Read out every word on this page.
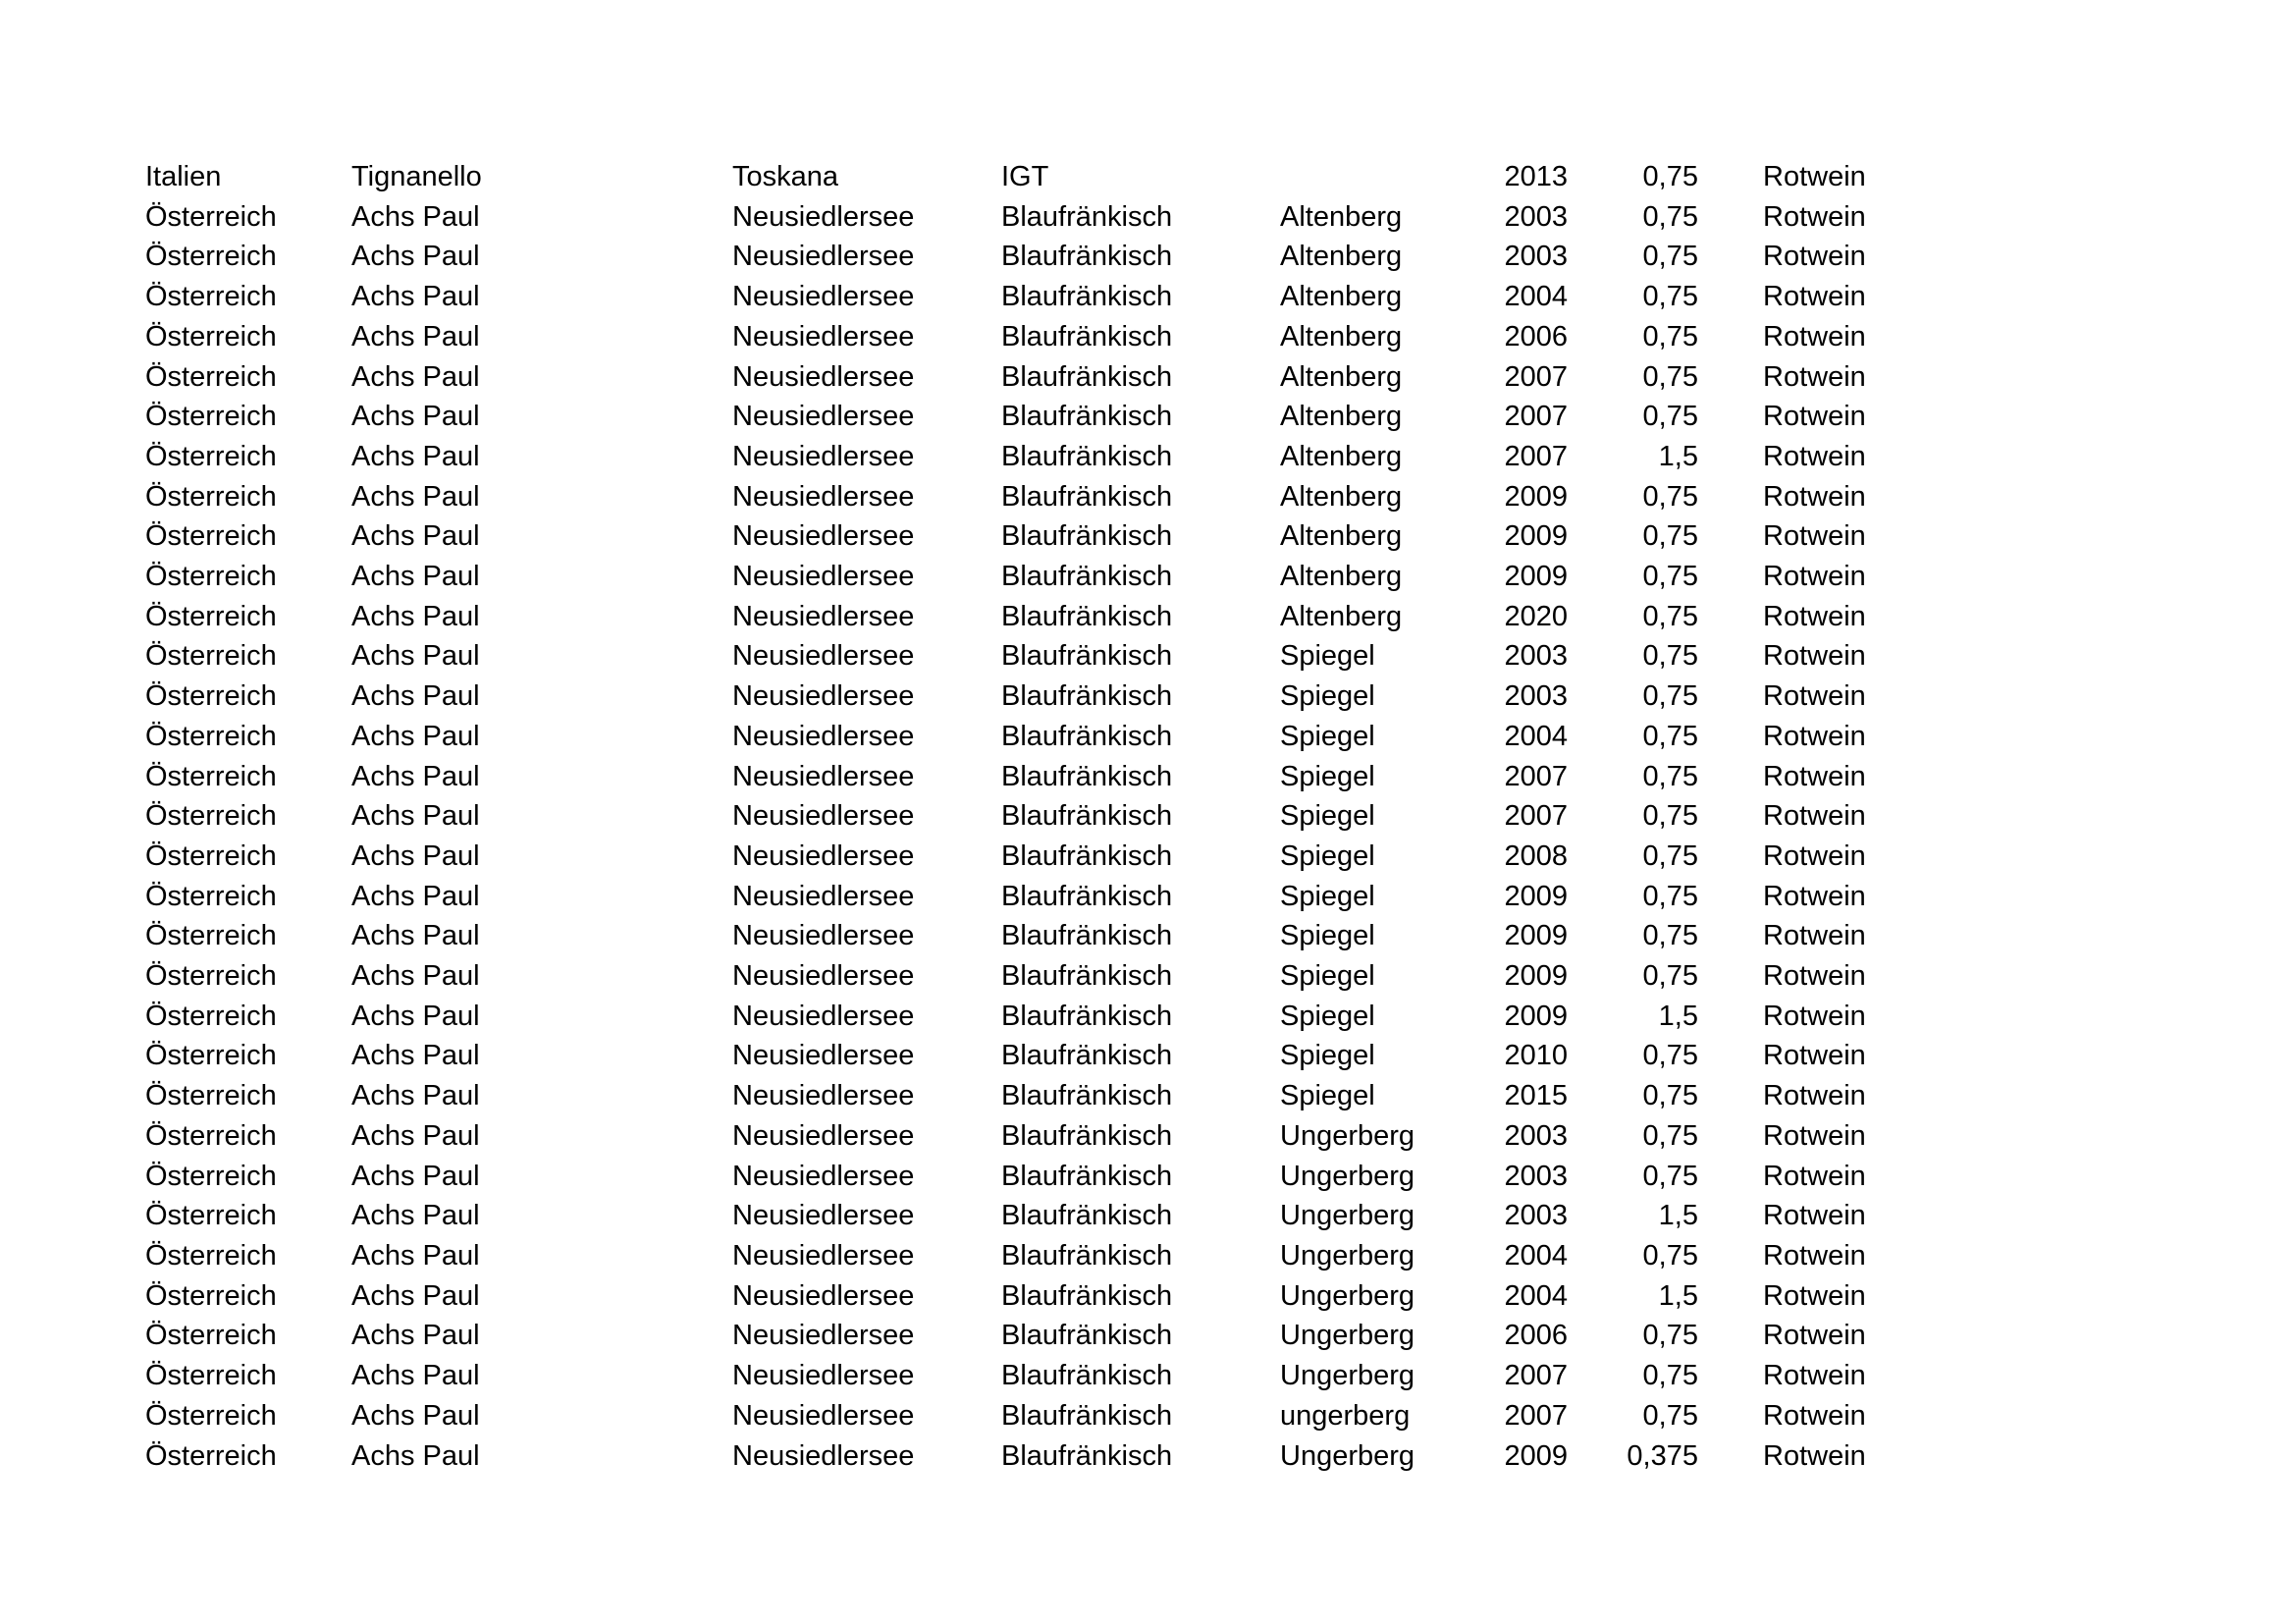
Italien	Tignanello	Toskana	IGT		2013	0,75		Rotwein
Österreich	Achs Paul	Neusiedlersee	Blaufränkisch	Altenberg	2003	0,75		Rotwein
Österreich	Achs Paul	Neusiedlersee	Blaufränkisch	Altenberg	2003	0,75		Rotwein
Österreich	Achs Paul	Neusiedlersee	Blaufränkisch	Altenberg	2004	0,75		Rotwein
Österreich	Achs Paul	Neusiedlersee	Blaufränkisch	Altenberg	2006	0,75		Rotwein
Österreich	Achs Paul	Neusiedlersee	Blaufränkisch	Altenberg	2007	0,75		Rotwein
Österreich	Achs Paul	Neusiedlersee	Blaufränkisch	Altenberg	2007	0,75		Rotwein
Österreich	Achs Paul	Neusiedlersee	Blaufränkisch	Altenberg	2007	1,5		Rotwein
Österreich	Achs Paul	Neusiedlersee	Blaufränkisch	Altenberg	2009	0,75		Rotwein
Österreich	Achs Paul	Neusiedlersee	Blaufränkisch	Altenberg	2009	0,75		Rotwein
Österreich	Achs Paul	Neusiedlersee	Blaufränkisch	Altenberg	2009	0,75		Rotwein
Österreich	Achs Paul	Neusiedlersee	Blaufränkisch	Altenberg	2020	0,75		Rotwein
Österreich	Achs Paul	Neusiedlersee	Blaufränkisch	Spiegel	2003	0,75		Rotwein
Österreich	Achs Paul	Neusiedlersee	Blaufränkisch	Spiegel	2003	0,75		Rotwein
Österreich	Achs Paul	Neusiedlersee	Blaufränkisch	Spiegel	2004	0,75		Rotwein
Österreich	Achs Paul	Neusiedlersee	Blaufränkisch	Spiegel	2007	0,75		Rotwein
Österreich	Achs Paul	Neusiedlersee	Blaufränkisch	Spiegel	2007	0,75		Rotwein
Österreich	Achs Paul	Neusiedlersee	Blaufränkisch	Spiegel	2008	0,75		Rotwein
Österreich	Achs Paul	Neusiedlersee	Blaufränkisch	Spiegel	2009	0,75		Rotwein
Österreich	Achs Paul	Neusiedlersee	Blaufränkisch	Spiegel	2009	0,75		Rotwein
Österreich	Achs Paul	Neusiedlersee	Blaufränkisch	Spiegel	2009	0,75		Rotwein
Österreich	Achs Paul	Neusiedlersee	Blaufränkisch	Spiegel	2009	1,5		Rotwein
Österreich	Achs Paul	Neusiedlersee	Blaufränkisch	Spiegel	2010	0,75		Rotwein
Österreich	Achs Paul	Neusiedlersee	Blaufränkisch	Spiegel	2015	0,75		Rotwein
Österreich	Achs Paul	Neusiedlersee	Blaufränkisch	Ungerberg	2003	0,75		Rotwein
Österreich	Achs Paul	Neusiedlersee	Blaufränkisch	Ungerberg	2003	0,75		Rotwein
Österreich	Achs Paul	Neusiedlersee	Blaufränkisch	Ungerberg	2003	1,5		Rotwein
Österreich	Achs Paul	Neusiedlersee	Blaufränkisch	Ungerberg	2004	0,75		Rotwein
Österreich	Achs Paul	Neusiedlersee	Blaufränkisch	Ungerberg	2004	1,5		Rotwein
Österreich	Achs Paul	Neusiedlersee	Blaufränkisch	Ungerberg	2006	0,75		Rotwein
Österreich	Achs Paul	Neusiedlersee	Blaufränkisch	Ungerberg	2007	0,75		Rotwein
Österreich	Achs Paul	Neusiedlersee	Blaufränkisch	ungerberg	2007	0,75		Rotwein
Österreich	Achs Paul	Neusiedlersee	Blaufränkisch	Ungerberg	2009	0,375		Rotwein
